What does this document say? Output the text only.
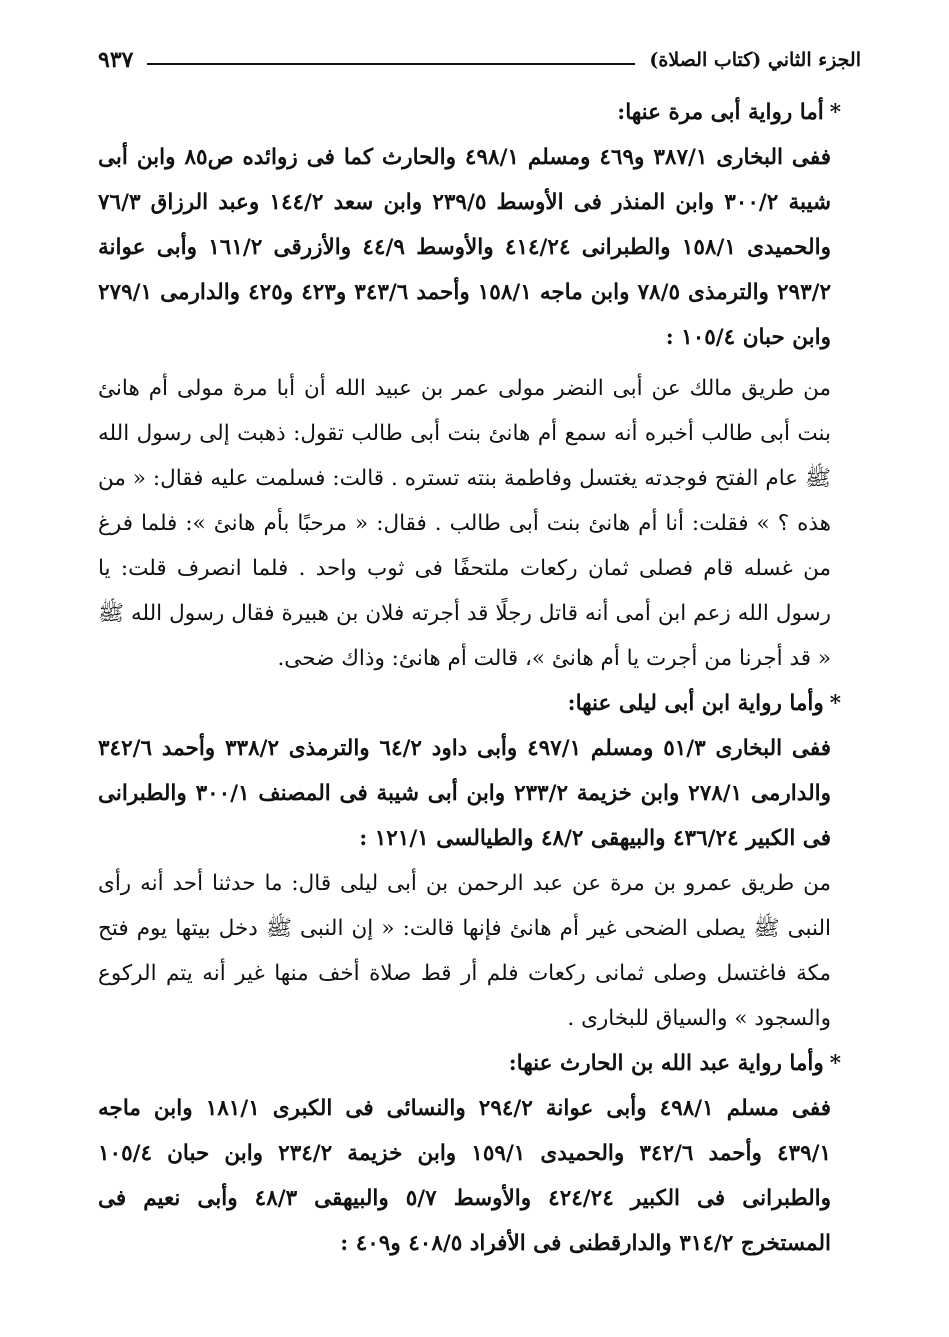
الجزء الثاني (كتاب الصلاة)
٩٣٧

*أما رواية أبى مرة عنها:

ففى البخارى ٣٨٧/١ و٤٦٩ ومسلم ٤٩٨/١ والحارث كما فى زوائده ص٨٥ وابن أبى شيبة ٣٠٠/٢ وابن المنذر فى الأوسط ٢٣٩/٥ وابن سعد ١٤٤/٢ وعبد الرزاق ٧٦/٣ والحميدى ١٥٨/١ والطبرانى ٤١٤/٢٤ والأوسط ٤٤/٩ والأزرقى ١٦١/٢ وأبى عوانة ٢٩٣/٢ والترمذى ٧٨/٥ وابن ماجه ١٥٨/١ وأحمد ٣٤٣/٦ و٤٢٣ و٤٢٥ والدارمى ٢٧٩/١ وابن حبان ١٠٥/٤ :

من طريق مالك عن أبى النضر مولى عمر بن عبيد الله أن أبا مرة مولى أم هانئ بنت أبى طالب أخبره أنه سمع أم هانئ بنت أبى طالب تقول: ذهبت إلى رسول الله ﷺ عام الفتح فوجدته يغتسل وفاطمة بنته تستره . قالت: فسلمت عليه فقال: « من هذه ؟ » فقلت: أنا أم هانئ بنت أبى طالب . فقال: « مرحبًا بأم هانئ »: فلما فرغ من غسله قام فصلى ثمان ركعات ملتحفًا فى ثوب واحد . فلما انصرف قلت: يا رسول الله زعم ابن أمى أنه قاتل رجلًا قد أجرته فلان بن هبيرة فقال رسول الله ﷺ « قد أجرنا من أجرت يا أم هانئ »، قالت أم هانئ: وذاك ضحى.

*وأما رواية ابن أبى ليلى عنها:

ففى البخارى ٥١/٣ ومسلم ٤٩٧/١ وأبى داود ٦٤/٢ والترمذى ٣٣٨/٢ وأحمد ٣٤٢/٦ والدارمى ٢٧٨/١ وابن خزيمة ٢٣٣/٢ وابن أبى شيبة فى المصنف ٣٠٠/١ والطبرانى فى الكبير ٤٣٦/٢٤ والبيهقى ٤٨/٢ والطيالسى ١٢١/١ :

من طريق عمرو بن مرة عن عبد الرحمن بن أبى ليلى قال: ما حدثنا أحد أنه رأى النبى ﷺ يصلى الضحى غير أم هانئ فإنها قالت: « إن النبى ﷺ دخل بيتها يوم فتح مكة فاغتسل وصلى ثمانى ركعات فلم أر قط صلاة أخف منها غير أنه يتم الركوع والسجود » والسياق للبخارى .

*وأما رواية عبد الله بن الحارث عنها:

ففى مسلم ٤٩٨/١ وأبى عوانة ٢٩٤/٢ والنسائى فى الكبرى ١٨١/١ وابن ماجه ٤٣٩/١ وأحمد ٣٤٢/٦ والحميدى ١٥٩/١ وابن خزيمة ٢٣٤/٢ وابن حبان ١٠٥/٤ والطبرانى فى الكبير ٤٢٤/٢٤ والأوسط ٥/٧ والبيهقى ٤٨/٣ وأبى نعيم فى المستخرج ٣١٤/٢ والدارقطنى فى الأفراد ٤٠٨/٥ و٤٠٩ :
